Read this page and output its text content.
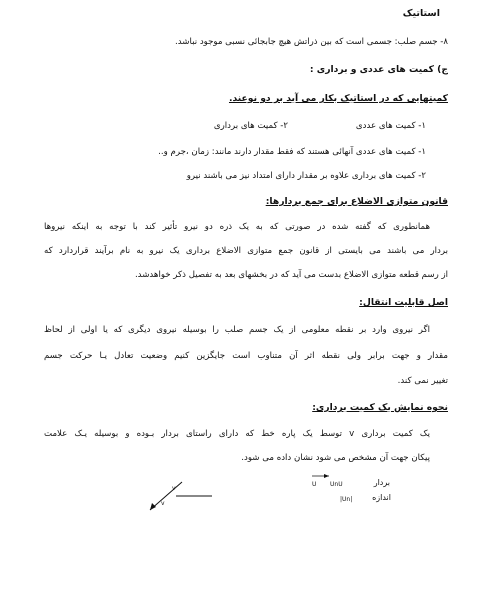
استاتیک
۸- جسم صلب: جسمی است که بین ذراتش هیچ جابجائی نسبی موجود نباشد.
ج) کمیت های عددی و برداری :
کمیتهایی که در استاتیک بکار می آید بر دو نوعند.
۱- کمیت های عددی
۲- کمیت های برداری
۱- کمیت های عددی آنهائی هستند که فقط مقدار دارند مانند: زمان ،جرم و..
۲- کمیت های برداری علاوه بر مقدار دارای امتداد نیز می باشند نیرو
قانون متوازی الاضلاع برای جمع بردارها:
همانطوری که گفته شده در صورتی که به یک ذره دو نیرو تأثیر کند با توجه به اینکه نیروها
بردار می باشند می بایستی از قانون جمع متوازی الاضلاع برداری یک نیرو به نام برآیند قراردارد که
از رسم قطعه متوازی الاضلاع بدست می آید که در بخشهای بعد به تفصیل ذکر خواهدشد.
اصل قابلیت انتقال:
اگر نیروی وارد بر نقطه معلومی از یک جسم صلب را بوسیله نیروی دیگری که یا اولی از لحاظ
مقدار و جهت برابر ولی نقطه اثر آن متناوب است جایگزین کنیم وضعیت تعادل یـا حرکت جسم
تغییر نمی کند.
نحوه نمایش یک کمیت برداری:
یک کمیت برداری v توسط یک پاره خط که دارای راستای بردار بـوده و بوسیله یـک علامت
پیکان جهت آن مشخص می شود نشان داده می شود.
v
v
U UnU
|Un|
بردار
اندازه
